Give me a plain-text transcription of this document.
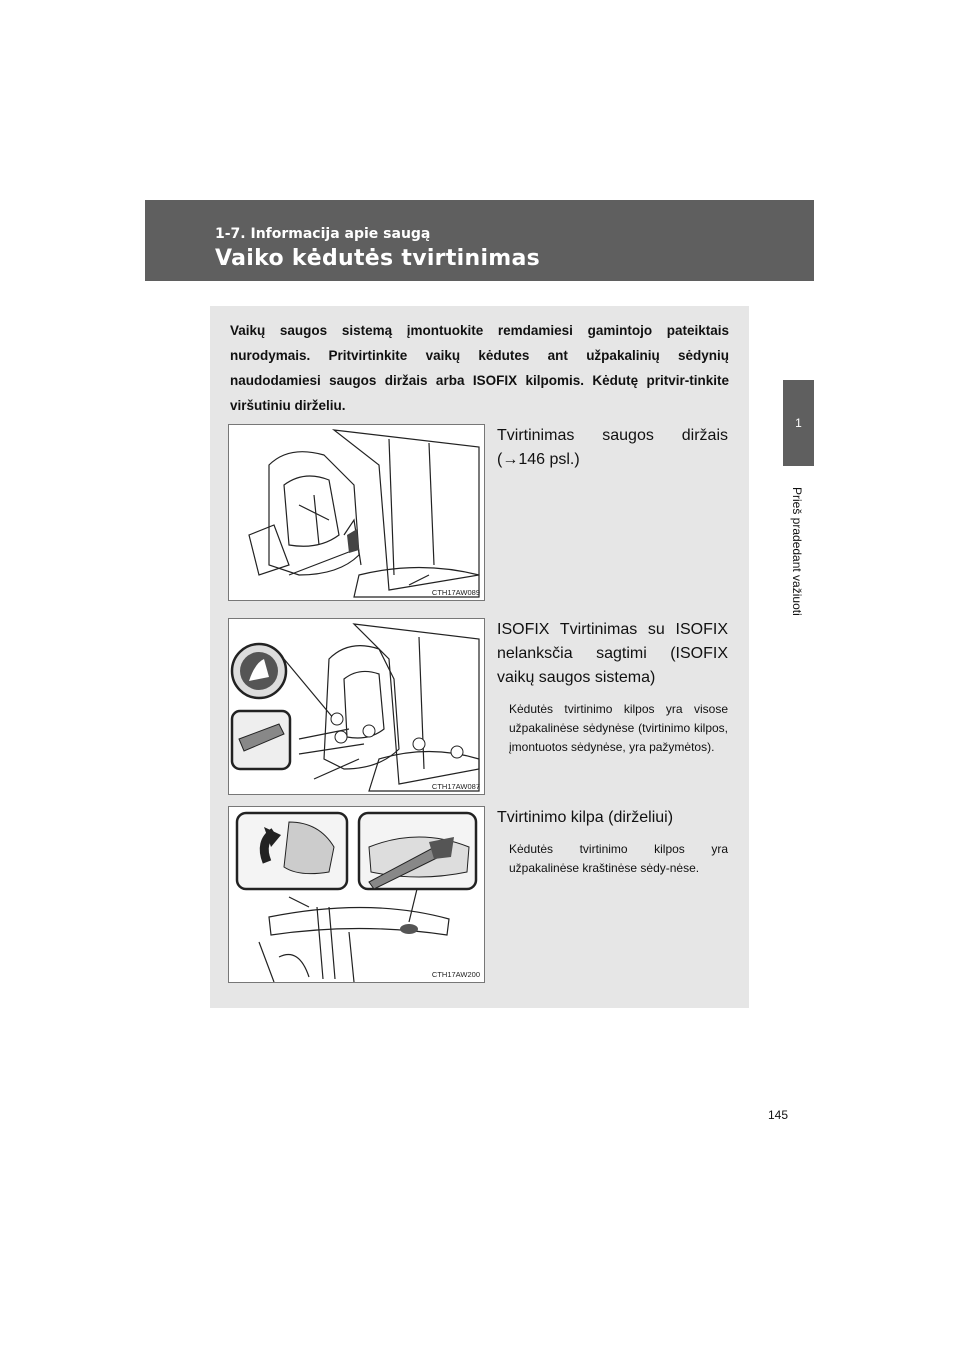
1-7. Informacija apie saugą
Vaiko kėdutės tvirtinimas
1
Prieš pradedant važiuoti
Vaikų saugos sistemą įmontuokite remdamiesi gamintojo pateiktais nurodymais. Pritvirtinkite vaikų kėdutes ant užpakalinių sėdynių naudodamiesi saugos diržais arba ISOFIX kilpomis. Kėdutę pritvir-tinkite viršutiniu dirželiu.
CTH17AW089

Tvirtinimas saugos diržais (→146 psl.)

CTH17AW087

ISOFIX Tvirtinimas su ISOFIX nelanksčia sagtimi (ISOFIX vaikų saugos sistema)

Kėdutės tvirtinimo kilpos yra visose užpakalinėse sėdynėse (tvirtinimo kilpos, įmontuotos sėdynėse, yra pažymėtos).

CTH17AW200

Tvirtinimo kilpa (dirželiui)

Kėdutės tvirtinimo kilpos yra užpakalinėse kraštinėse sėdy-nėse.

145
